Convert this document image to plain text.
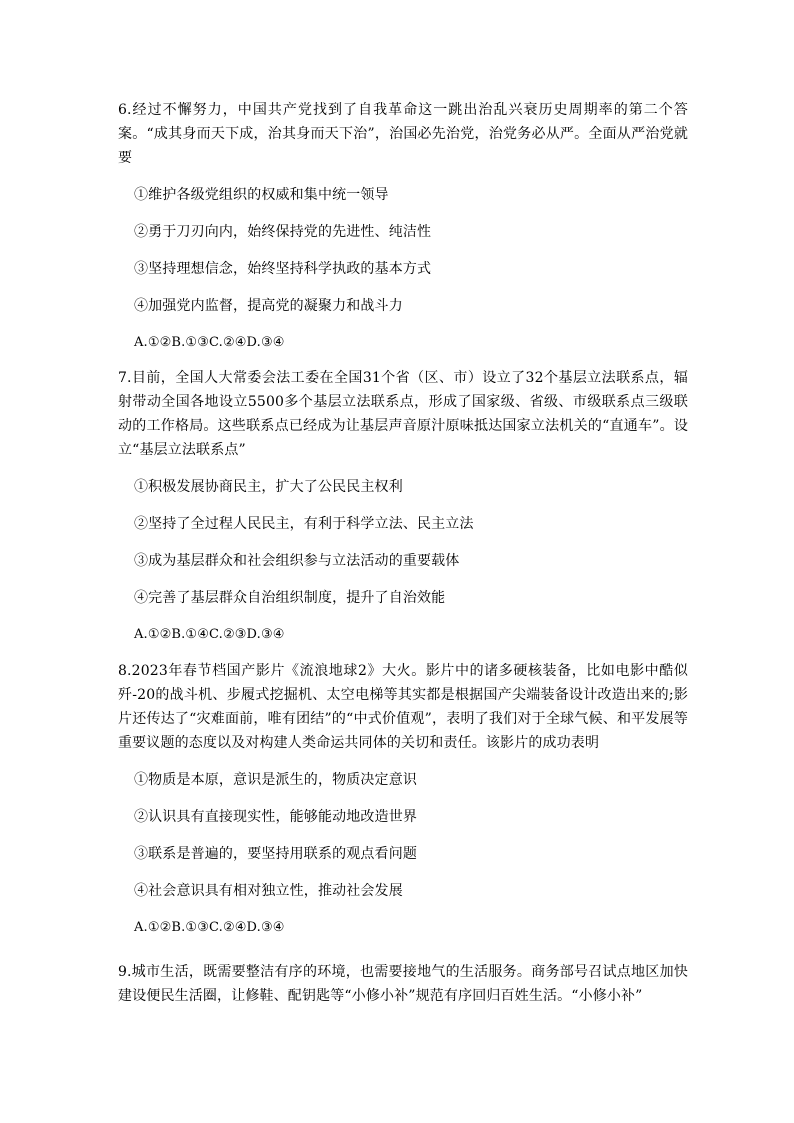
6.经过不懈努力，中国共产党找到了自我革命这一跳出治乱兴衰历史周期率的第二个答案。“成其身而天下成，治其身而天下治”，治国必先治党，治党务必从严。全面从严治党就要

①维护各级党组织的权威和集中统一领导

②勇于刀刃向内，始终保持党的先进性、纯洁性

③坚持理想信念，始终坚持科学执政的基本方式

④加强党内监督，提高党的凝聚力和战斗力

A.①②B.①③C.②④D.③④

7.目前，全国人大常委会法工委在全国31个省（区、市）设立了32个基层立法联系点，辐射带动全国各地设立5500多个基层立法联系点，形成了国家级、省级、市级联系点三级联动的工作格局。这些联系点已经成为让基层声音原汁原味抵达国家立法机关的“直通车”。设立“基层立法联系点”

①积极发展协商民主，扩大了公民民主权利

②坚持了全过程人民民主，有利于科学立法、民主立法

③成为基层群众和社会组织参与立法活动的重要载体

④完善了基层群众自治组织制度，提升了自治效能

A.①②B.①④C.②③D.③④

8.2023年春节档国产影片《流浪地球2》大火。影片中的诸多硬核装备，比如电影中酷似歼-20的战斗机、步履式挖掘机、太空电梯等其实都是根据国产尖端装备设计改造出来的;影片还传达了“灾难面前，唯有团结”的“中式价值观”，表明了我们对于全球气候、和平发展等重要议题的态度以及对构建人类命运共同体的关切和责任。该影片的成功表明

①物质是本原，意识是派生的，物质决定意识

②认识具有直接现实性，能够能动地改造世界

③联系是普遍的，要坚持用联系的观点看问题

④社会意识具有相对独立性，推动社会发展

A.①②B.①③C.②④D.③④

9.城市生活，既需要整洁有序的环境，也需要接地气的生活服务。商务部号召试点地区加快建设便民生活圈，让修鞋、配钥匙等“小修小补”规范有序回归百姓生活。“小修小补”
